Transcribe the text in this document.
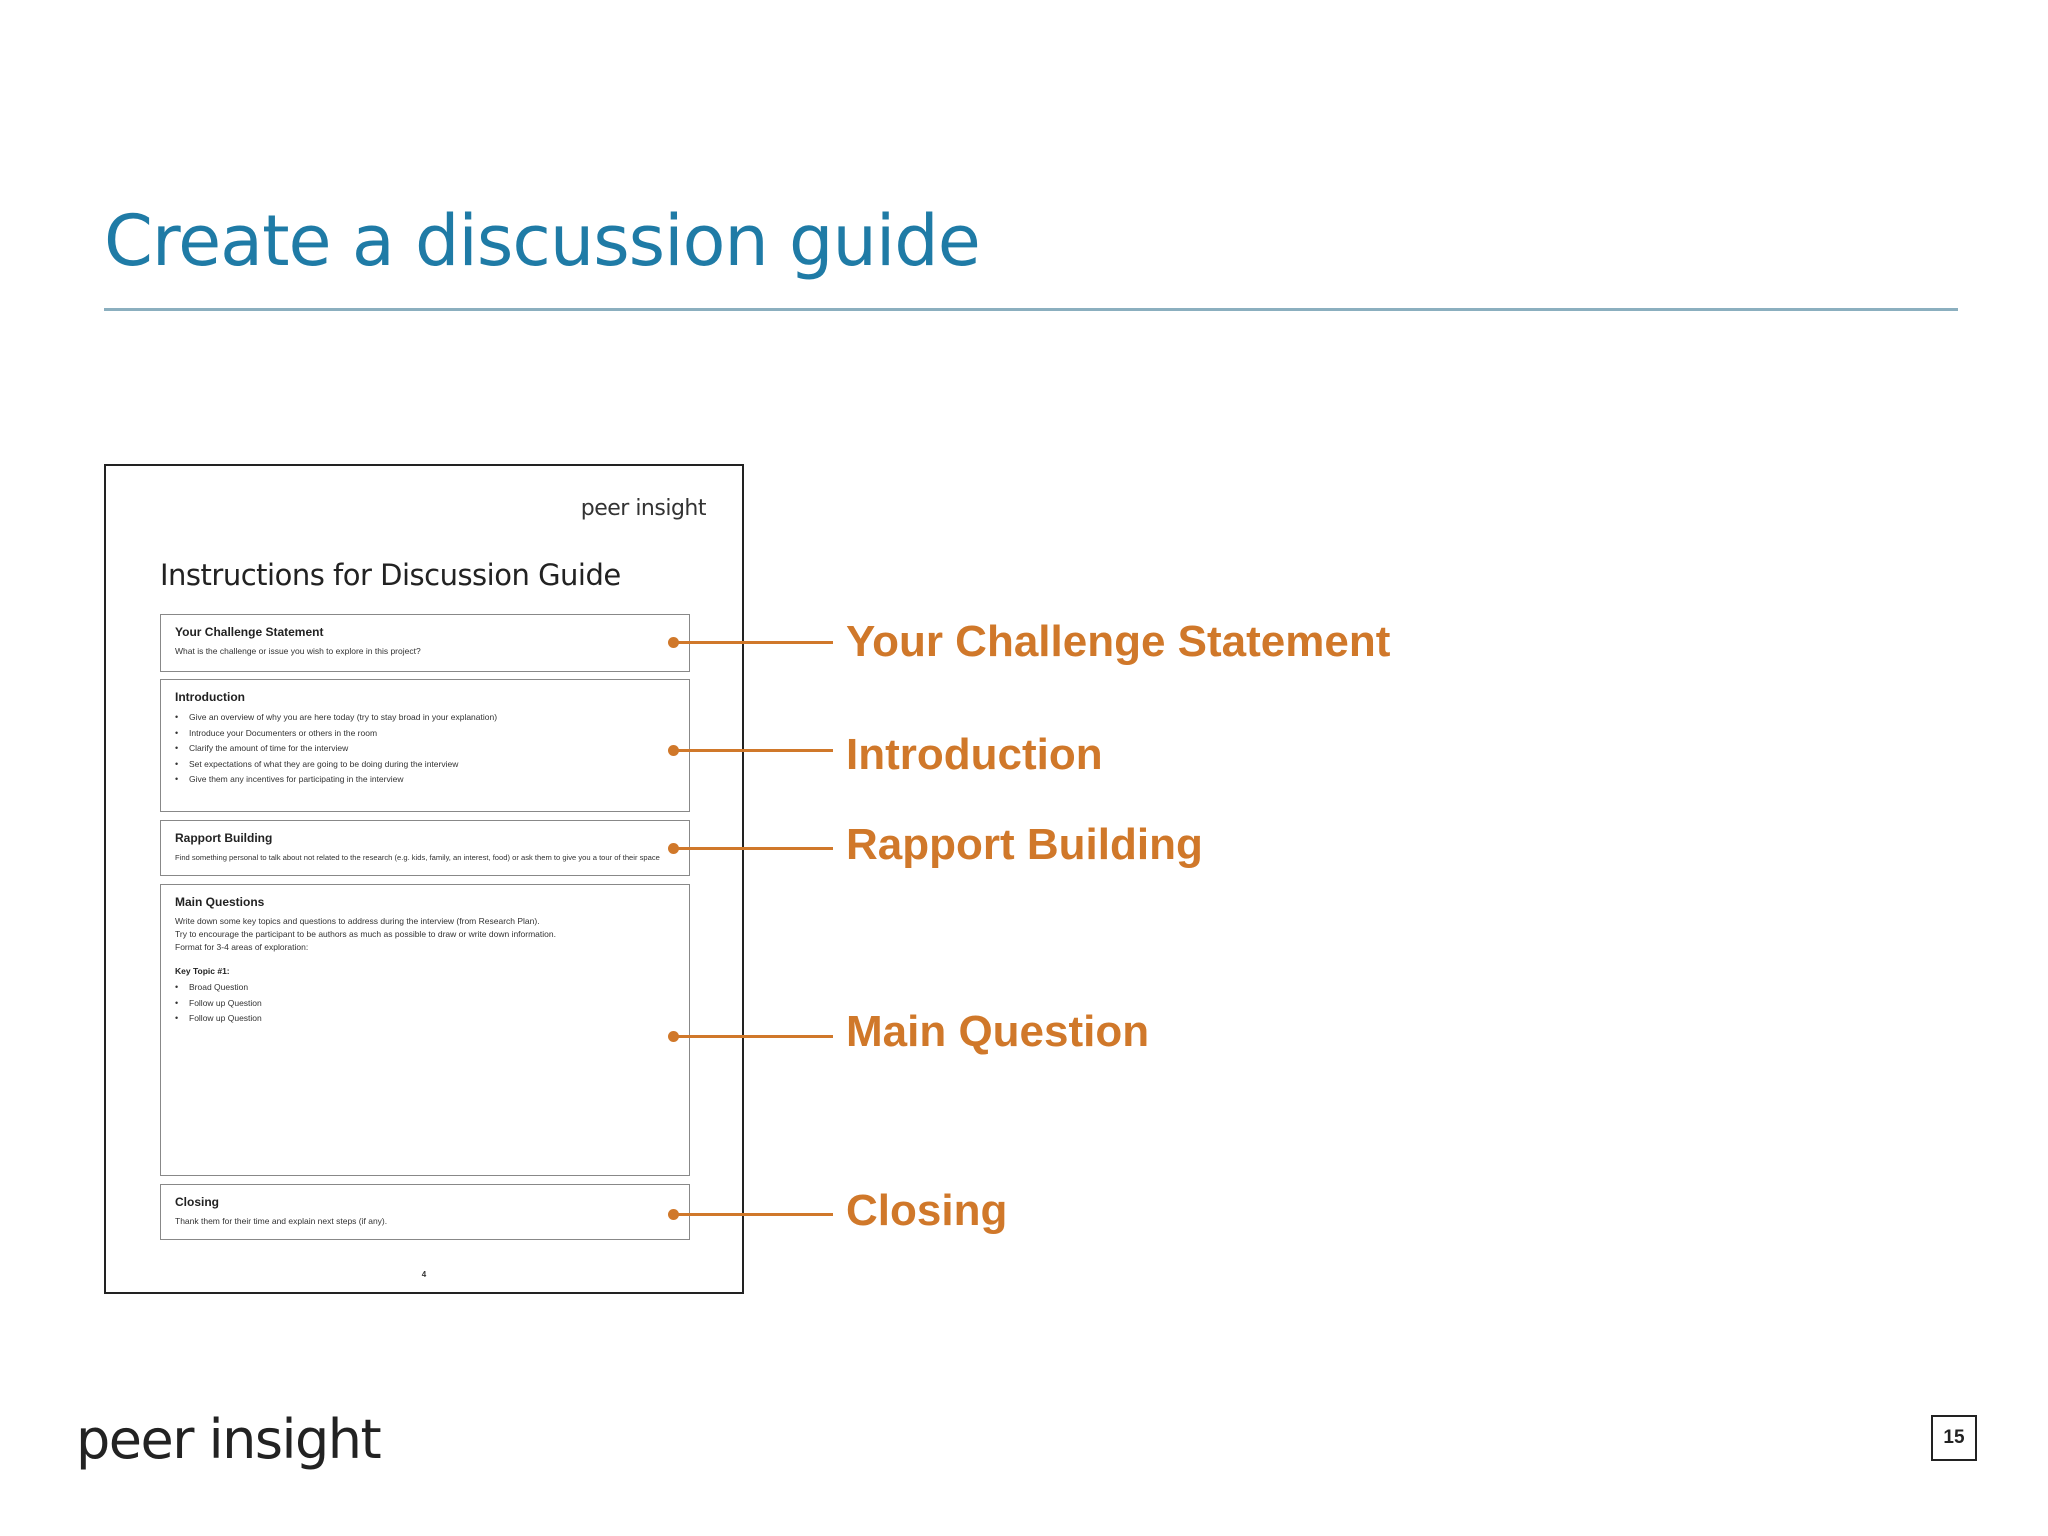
Create a discussion guide
peer insight
Instructions for Discussion Guide

Your Challenge Statement

What is the challenge or issue you wish to explore in this project?

Introduction

• Give an overview of why you are here today (try to stay broad in your explanation)
• Introduce your Documenters or others in the room
• Clarify the amount of time for the interview
• Set expectations of what they are going to be doing during the interview
• Give them any incentives for participating in the interview

Rapport Building

Find something personal to talk about not related to the research (e.g. kids, family, an interest, food) or ask them to give you a tour of their space

Main Questions

Write down some key topics and questions to address during the interview (from Research Plan).

Try to encourage the participant to be authors as much as possible to draw or write down information.

Format for 3-4 areas of exploration:

Key Topic #1:

• Broad Question
• Follow up Question
• Follow up Question

Closing

Thank them for their time and explain next steps (if any).

4

Your Challenge Statement

Introduction

Rapport Building

Main Question

Closing

peer insight	15
